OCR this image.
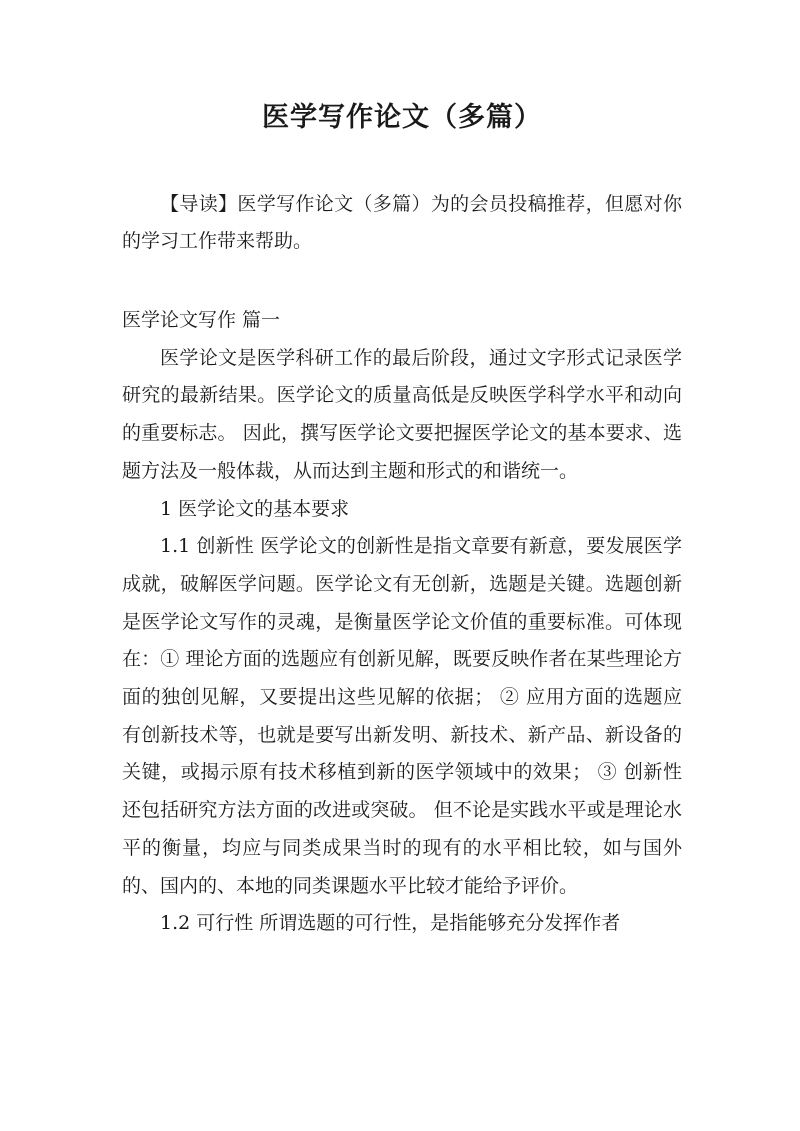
医学写作论文（多篇）
【导读】医学写作论文（多篇）为的会员投稿推荐，但愿对你的学习工作带来帮助。

医学论文写作 篇一

医学论文是医学科研工作的最后阶段，通过文字形式记录医学研究的最新结果。医学论文的质量高低是反映医学科学水平和动向的重要标志。 因此，撰写医学论文要把握医学论文的基本要求、选题方法及一般体裁，从而达到主题和形式的和谐统一。

1 医学论文的基本要求

1.1 创新性 医学论文的创新性是指文章要有新意，要发展医学成就，破解医学问题。医学论文有无创新，选题是关键。选题创新是医学论文写作的灵魂，是衡量医学论文价值的重要标准。可体现在：① 理论方面的选题应有创新见解，既要反映作者在某些理论方面的独创见解，又要提出这些见解的依据； ② 应用方面的选题应有创新技术等，也就是要写出新发明、新技术、新产品、新设备的关键，或揭示原有技术移植到新的医学领域中的效果； ③ 创新性还包括研究方法方面的改进或突破。 但不论是实践水平或是理论水平的衡量，均应与同类成果当时的现有的水平相比较，如与国外的、国内的、本地的同类课题水平比较才能给予评价。

1.2 可行性 所谓选题的可行性，是指能够充分发挥作者
